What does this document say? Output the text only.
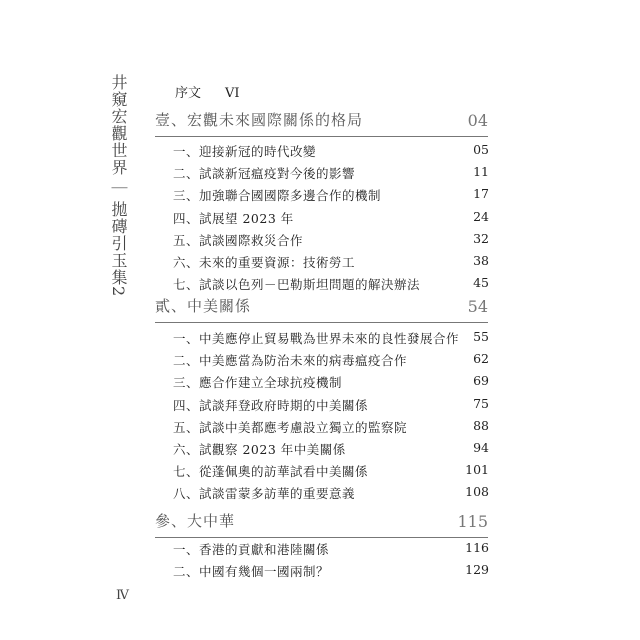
井窺宏觀世界｜拋磚引玉集2
序文 VI
壹、宏觀未來國際關係的格局	04
一、迎接新冠的時代改變	05
二、試談新冠瘟疫對今後的影響	11
三、加強聯合國國際多邊合作的機制	17
四、試展望 2023 年	24
五、試談國際救災合作	32
六、未來的重要資源：技術勞工	38
七、試談以色列－巴勒斯坦問題的解決辦法	45
貳、中美關係	54
一、中美應停止貿易戰為世界未來的良性發展合作 55
二、中美應當為防治未來的病毒瘟疫合作	62
三、應合作建立全球抗疫機制	69
四、試談拜登政府時期的中美關係	75
五、試談中美都應考慮設立獨立的監察院	88
六、試觀察 2023 年中美關係	94
七、從蓬佩奧的訪華試看中美關係	101
八、試談雷蒙多訪華的重要意義	108
參、大中華	115
一、香港的貢獻和港陸關係	116
二、中國有幾個一國兩制？	129
Ⅳ
